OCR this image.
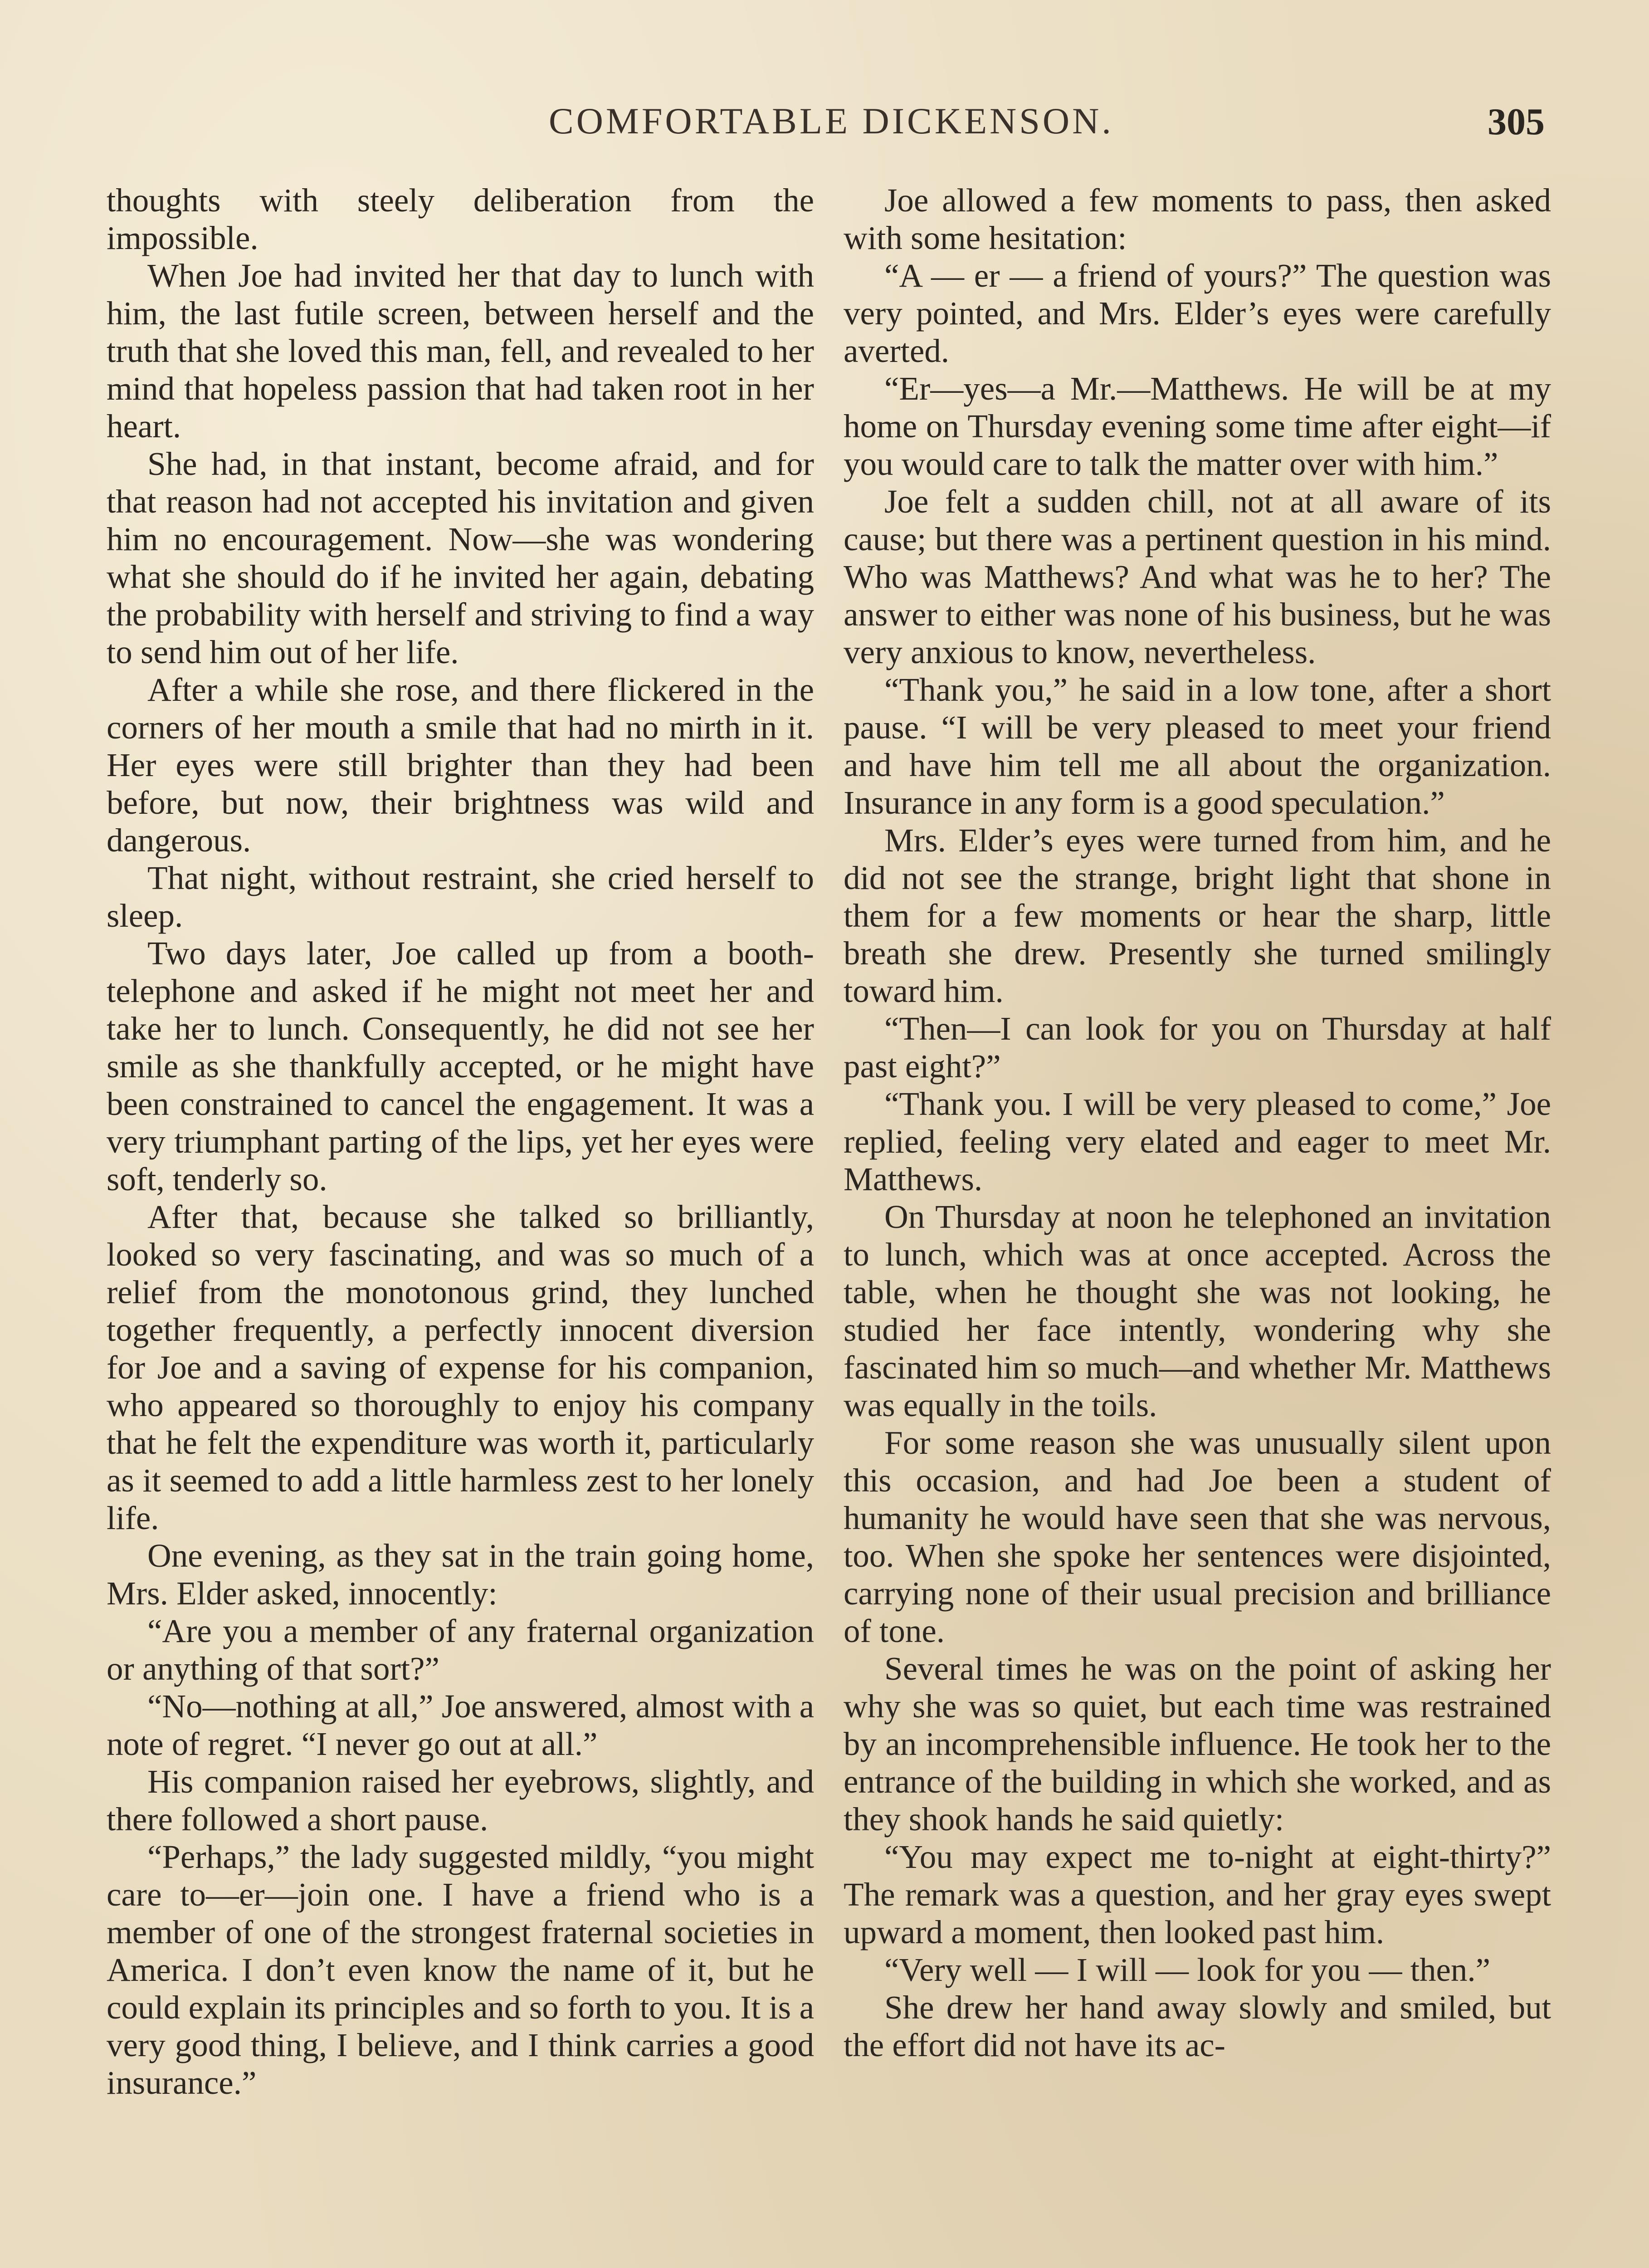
COMFORTABLE DICKENSON.	305

thoughts with steely deliberation from the impossible.

When Joe had invited her that day to lunch with him, the last futile screen, between herself and the truth that she loved this man, fell, and revealed to her mind that hopeless passion that had taken root in her heart.

She had, in that instant, become afraid, and for that reason had not accepted his invitation and given him no encouragement. Now—she was wondering what she should do if he invited her again, debating the probability with herself and striving to find a way to send him out of her life.

After a while she rose, and there flickered in the corners of her mouth a smile that had no mirth in it. Her eyes were still brighter than they had been before, but now, their brightness was wild and dangerous.

That night, without restraint, she cried herself to sleep.

Two days later, Joe called up from a booth-telephone and asked if he might not meet her and take her to lunch. Consequently, he did not see her smile as she thankfully accepted, or he might have been constrained to cancel the engagement. It was a very triumphant parting of the lips, yet her eyes were soft, tenderly so.

After that, because she talked so brilliantly, looked so very fascinating, and was so much of a relief from the monotonous grind, they lunched together frequently, a perfectly innocent diversion for Joe and a saving of expense for his companion, who appeared so thoroughly to enjoy his company that he felt the expenditure was worth it, particularly as it seemed to add a little harmless zest to her lonely life.

One evening, as they sat in the train going home, Mrs. Elder asked, innocently:

“Are you a member of any fraternal organization or anything of that sort?”

“No—nothing at all,” Joe answered, almost with a note of regret. “I never go out at all.”

His companion raised her eyebrows, slightly, and there followed a short pause.

“Perhaps,” the lady suggested mildly, “you might care to—er—join one. I have a friend who is a member of one of the strongest fraternal societies in America. I don’t even know the name of it, but he could explain its principles and so forth to you. It is a very good thing, I believe, and I think carries a good insurance.”

Joe allowed a few moments to pass, then asked with some hesitation:

“A — er — a friend of yours?” The question was very pointed, and Mrs. Elder’s eyes were carefully averted.

“Er—yes—a Mr.—Matthews. He will be at my home on Thursday evening some time after eight—if you would care to talk the matter over with him.”

Joe felt a sudden chill, not at all aware of its cause; but there was a pertinent question in his mind. Who was Matthews? And what was he to her? The answer to either was none of his business, but he was very anxious to know, nevertheless.

“Thank you,” he said in a low tone, after a short pause. “I will be very pleased to meet your friend and have him tell me all about the organization. Insurance in any form is a good speculation.”

Mrs. Elder’s eyes were turned from him, and he did not see the strange, bright light that shone in them for a few moments or hear the sharp, little breath she drew. Presently she turned smilingly toward him.

“Then—I can look for you on Thursday at half past eight?”

“Thank you. I will be very pleased to come,” Joe replied, feeling very elated and eager to meet Mr. Matthews.

On Thursday at noon he telephoned an invitation to lunch, which was at once accepted. Across the table, when he thought she was not looking, he studied her face intently, wondering why she fascinated him so much—and whether Mr. Matthews was equally in the toils.

For some reason she was unusually silent upon this occasion, and had Joe been a student of humanity he would have seen that she was nervous, too. When she spoke her sentences were disjointed, carrying none of their usual precision and brilliance of tone.

Several times he was on the point of asking her why she was so quiet, but each time was restrained by an incomprehensible influence. He took her to the entrance of the building in which she worked, and as they shook hands he said quietly:

“You may expect me to-night at eight-thirty?” The remark was a question, and her gray eyes swept upward a moment, then looked past him.

“Very well — I will — look for you — then.”

She drew her hand away slowly and smiled, but the effort did not have its ac-
